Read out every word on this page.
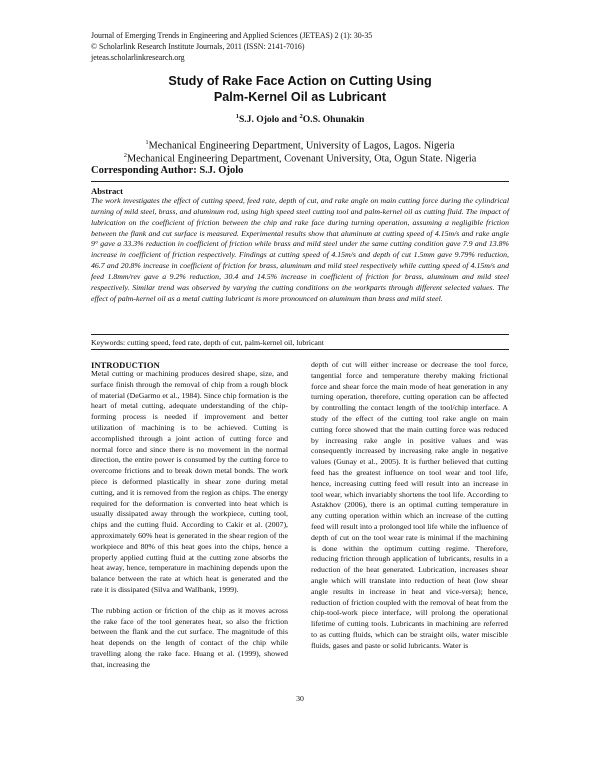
Journal of Emerging Trends in Engineering and Applied Sciences (JETEAS) 2 (1): 30-35
© Scholarlink Research Institute Journals, 2011 (ISSN: 2141-7016)
jeteas.scholarlinkresearch.org
Study of Rake Face Action on Cutting Using
Palm-Kernel Oil as Lubricant
$^1$S.J. Ojolo and $^2$O.S. Ohunakin
$^1$Mechanical Engineering Department, University of Lagos, Lagos. Nigeria
$^2$Mechanical Engineering Department, Covenant University, Ota, Ogun State. Nigeria
Corresponding Author: S.J. Ojolo
Abstract

The work investigates the effect of cutting speed, feed rate, depth of cut, and rake angle on main cutting force during the cylindrical turning of mild steel, brass, and aluminum rod, using high speed steel cutting tool and palm-kernel oil as cutting fluid. The impact of lubrication on the coefficient of friction between the chip and rake face during turning operation, assuming a negligible friction between the flank and cut surface is measured. Experimental results show that aluminum at cutting speed of 4.15m/s and rake angle 9° gave a 33.3% reduction in coefficient of friction while brass and mild steel under the same cutting condition gave 7.9 and 13.8% increase in coefficient of friction respectively. Findings at cutting speed of 4.15m/s and depth of cut 1.5mm gave 9.79% reduction, 46.7 and 20.8% increase in coefficient of friction for brass, aluminum and mild steel respectively while cutting speed of 4.15m/s and feed 1.8mm/rev gave a 9.2% reduction, 30.4 and 14.5% increase in coefficient of friction for brass, aluminum and mild steel respectively. Similar trend was observed by varying the cutting conditions on the workparts through different selected values. The effect of palm-kernel oil as a metal cutting lubricant is more pronounced on aluminum than brass and mild steel.

Keywords: cutting speed, feed rate, depth of cut, palm-kernel oil, lubricant
INTRODUCTION

Metal cutting or machining produces desired shape, size, and surface finish through the removal of chip from a rough block of material (DeGarmo et al., 1984). Since chip formation is the heart of metal cutting, adequate understanding of the chip-forming process is needed if improvement and better utilization of machining is to be achieved. Cutting is accomplished through a joint action of cutting force and normal force and since there is no movement in the normal direction, the entire power is consumed by the cutting force to overcome frictions and to break down metal bonds. The work piece is deformed plastically in shear zone during metal cutting, and it is removed from the region as chips. The energy required for the deformation is converted into heat which is usually dissipated away through the workpiece, cutting tool, chips and the cutting fluid. According to Cakir et al. (2007), approximately 60% heat is generated in the shear region of the workpiece and 80% of this heat goes into the chips, hence a properly applied cutting fluid at the cutting zone absorbs the heat away, hence, temperature in machining depends upon the balance between the rate at which heat is generated and the rate it is dissipated (Silva and Wallbank, 1999).

The rubbing action or friction of the chip as it moves across the rake face of the tool generates heat, so also the friction between the flank and the cut surface. The magnitude of this heat depends on the length of contact of the chip while travelling along the rake face. Huang et al. (1999), showed that, increasing the

depth of cut will either increase or decrease the tool force, tangential force and temperature thereby making frictional force and shear force the main mode of heat generation in any turning operation, therefore, cutting operation can be affected by controlling the contact length of the tool/chip interface. A study of the effect of the cutting tool rake angle on main cutting force showed that the main cutting force was reduced by increasing rake angle in positive values and was consequently increased by increasing rake angle in negative values (Gunay et al., 2005). It is further believed that cutting feed has the greatest influence on tool wear and tool life, hence, increasing cutting feed will result into an increase in tool wear, which invariably shortens the tool life. According to Astakhov (2006), there is an optimal cutting temperature in any cutting operation within which an increase of the cutting feed will result into a prolonged tool life while the influence of depth of cut on the tool wear rate is minimal if the machining is done within the optimum cutting regime. Therefore, reducing friction through application of lubricants, results in a reduction of the heat generated. Lubrication, increases shear angle which will translate into reduction of heat (low shear angle results in increase in heat and vice-versa); hence, reduction of friction coupled with the removal of heat from the chip-tool-work piece interface, will prolong the operational lifetime of cutting tools. Lubricants in machining are referred to as cutting fluids, which can be straight oils, water miscible fluids, gases and paste or solid lubricants. Water is

30
